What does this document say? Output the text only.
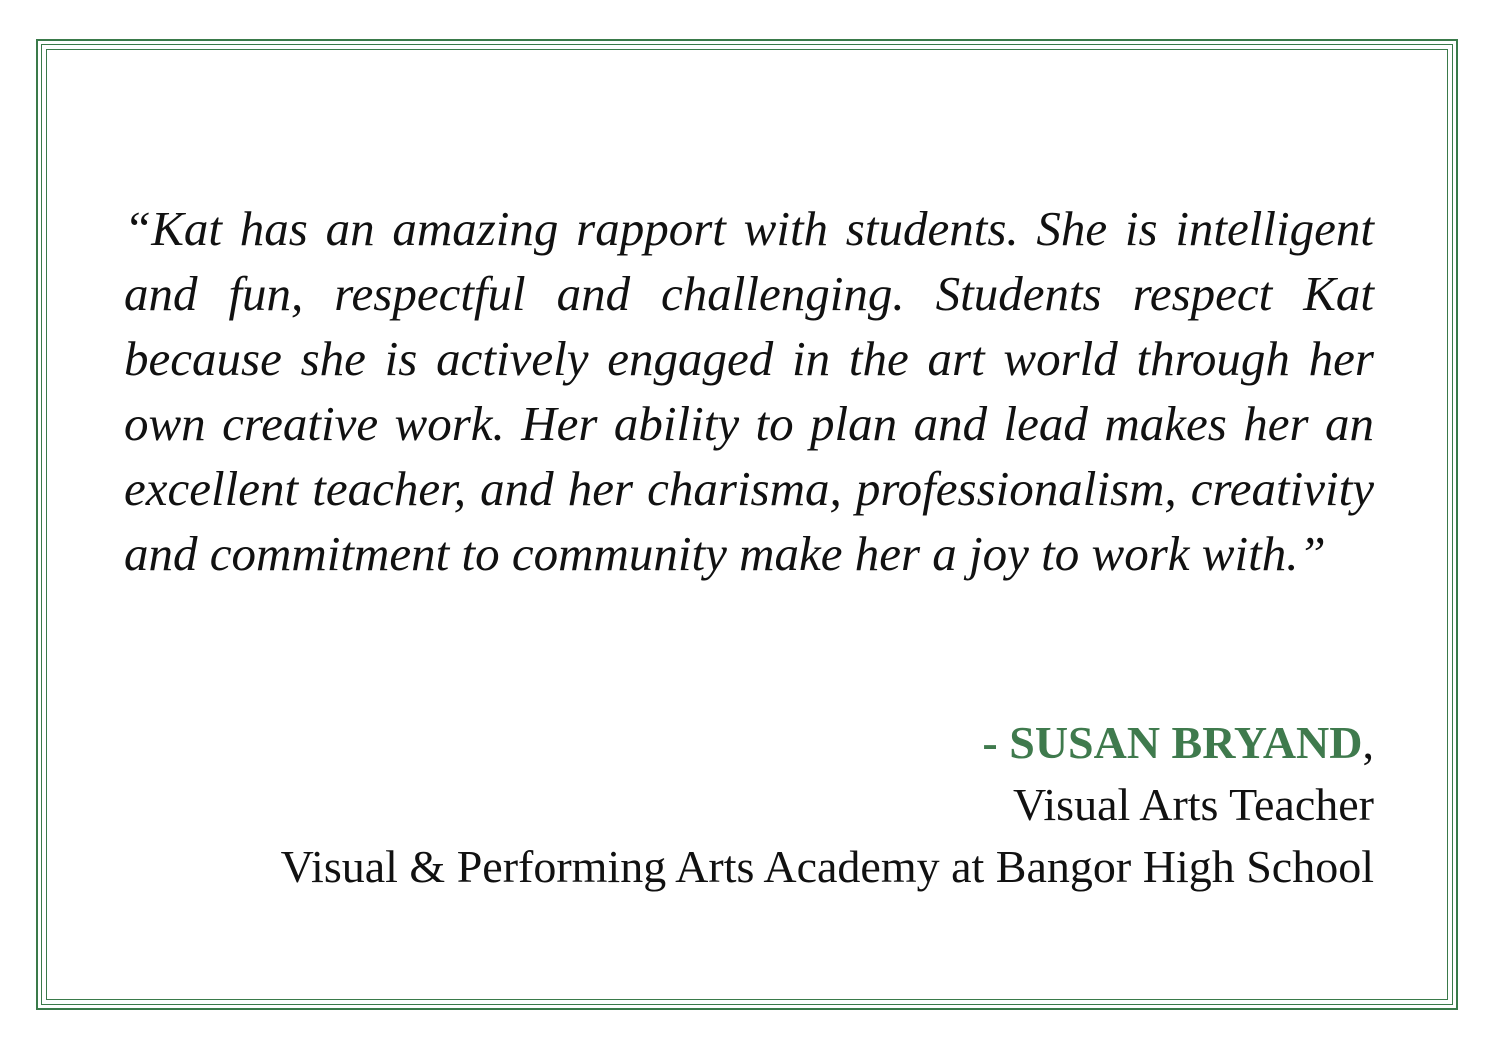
“Kat has an amazing rapport with students. She is intelligent and fun, respectful and challenging. Students respect Kat because she is actively engaged in the art world through her own creative work. Her ability to plan and lead makes her an excellent teacher, and her charisma, professionalism, creativity and commitment to community make her a joy to work with.”

- SUSAN BRYAND,
Visual Arts Teacher
Visual & Performing Arts Academy at Bangor High School
